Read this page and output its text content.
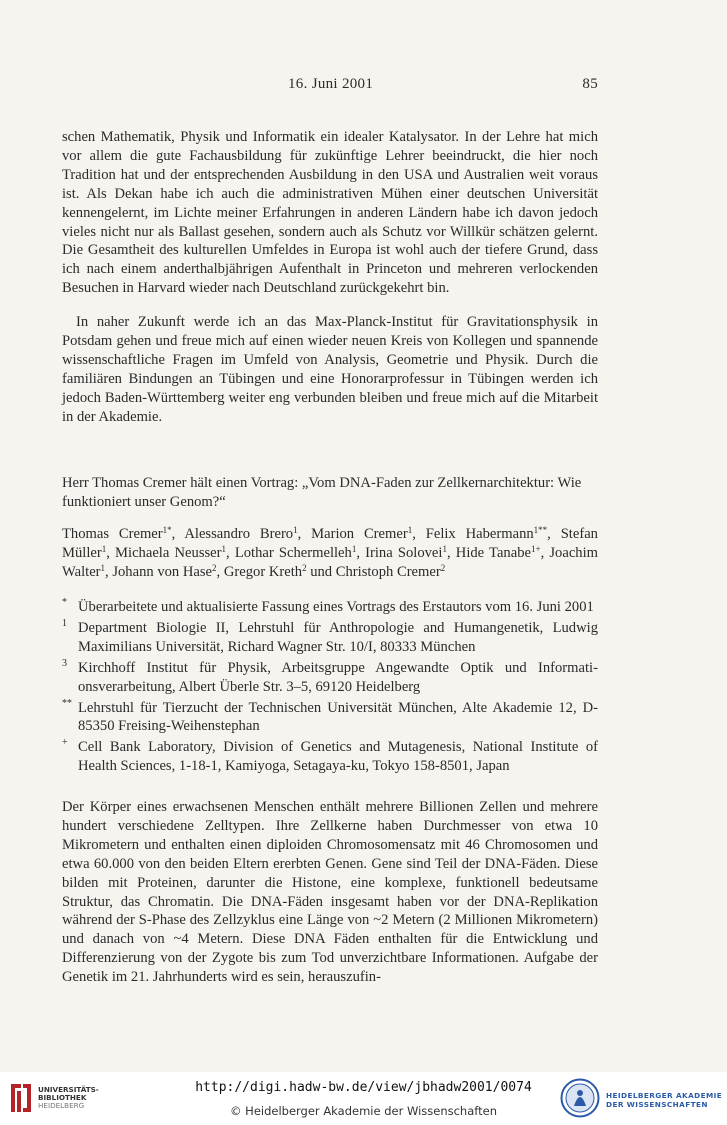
16. Juni 2001	85

schen Mathematik, Physik und Informatik ein idealer Katalysator. In der Lehre hat mich vor allem die gute Fachausbildung für zukünftige Lehrer beeindruckt, die hier noch Tradition hat und der entsprechenden Ausbildung in den USA und Australien weit voraus ist. Als Dekan habe ich auch die administrativen Mühen einer deutschen Universität kennengelernt, im Lichte meiner Erfahrungen in anderen Ländern habe ich davon jedoch vieles nicht nur als Ballast gesehen, sondern auch als Schutz vor Willkür schätzen gelernt. Die Gesamtheit des kulturellen Umfeldes in Europa ist wohl auch der tiefere Grund, dass ich nach einem anderthalbjährigen Aufenthalt in Princeton und mehreren verlockenden Besuchen in Harvard wieder nach Deutschland zurückgekehrt bin.

In naher Zukunft werde ich an das Max-Planck-Institut für Gravitationsphysik in Potsdam gehen und freue mich auf einen wieder neuen Kreis von Kollegen und spannende wissenschaftliche Fragen im Umfeld von Analysis, Geometrie und Physik. Durch die familiären Bindungen an Tübingen und eine Honorarprofessur in Tübingen werden ich jedoch Baden-Württemberg weiter eng verbunden bleiben und freue mich auf die Mitarbeit in der Akademie.

Herr Thomas Cremer hält einen Vortrag: „Vom DNA-Faden zur Zellkernarchitektur: Wie funktioniert unser Genom?“

Thomas Cremer$^{1*}$, Alessandro Brero$^1$, Marion Cremer$^1$, Felix Habermann$^{1**}$, Stefan Müller$^1$, Michaela Neusser$^1$, Lothar Schermelleh$^1$, Irina Solovei$^1$, Hide Tanabe$^{1+}$, Joachim Walter$^1$, Johann von Hase$^2$, Gregor Kreth$^2$ und Christoph Cremer$^2$

* Überarbeitete und aktualisierte Fassung eines Vortrags des Erstautors vom 16. Juni 2001
1 Department Biologie II, Lehrstuhl für Anthropologie and Humangenetik, Ludwig Maximilians Universität, Richard Wagner Str. 10/I, 80333 München
3 Kirchhoff Institut für Physik, Arbeitsgruppe Angewandte Optik und Informationsverarbeitung, Albert Überle Str. 3–5, 69120 Heidelberg
** Lehrstuhl für Tierzucht der Technischen Universität München, Alte Akademie 12, D-85350 Freising-Weihenstephan
+ Cell Bank Laboratory, Division of Genetics and Mutagenesis, National Institute of Health Sciences, 1-18-1, Kamiyoga, Setagaya-ku, Tokyo 158-8501, Japan

Der Körper eines erwachsenen Menschen enthält mehrere Billionen Zellen und mehrere hundert verschiedene Zelltypen. Ihre Zellkerne haben Durchmesser von etwa 10 Mikrometern und enthalten einen diploiden Chromosomensatz mit 46 Chromosomen und etwa 60.000 von den beiden Eltern ererbten Genen. Gene sind Teil der DNA-Fäden. Diese bilden mit Proteinen, darunter die Histone, eine komplexe, funktionell bedeutsame Struktur, das Chromatin. Die DNA-Fäden insgesamt haben vor der DNA-Replikation während der S-Phase des Zellzyklus eine Länge von ~2 Metern (2 Millionen Mikrometern) und danach von ~4 Metern. Diese DNA Fäden enthalten für die Entwicklung und Differenzierung von der Zygote bis zum Tod unverzichtbare Informationen. Aufgabe der Genetik im 21. Jahrhunderts wird es sein, herauszufin-

UNIVERSITÄTS-
BIBLIOTHEK
HEIDELBERG
http://digi.hadw-bw.de/view/jbhadw2001/0074
© Heidelberger Akademie der Wissenschaften
HEIDELBERGER AKADEMIE
DER WISSENSCHAFTEN
